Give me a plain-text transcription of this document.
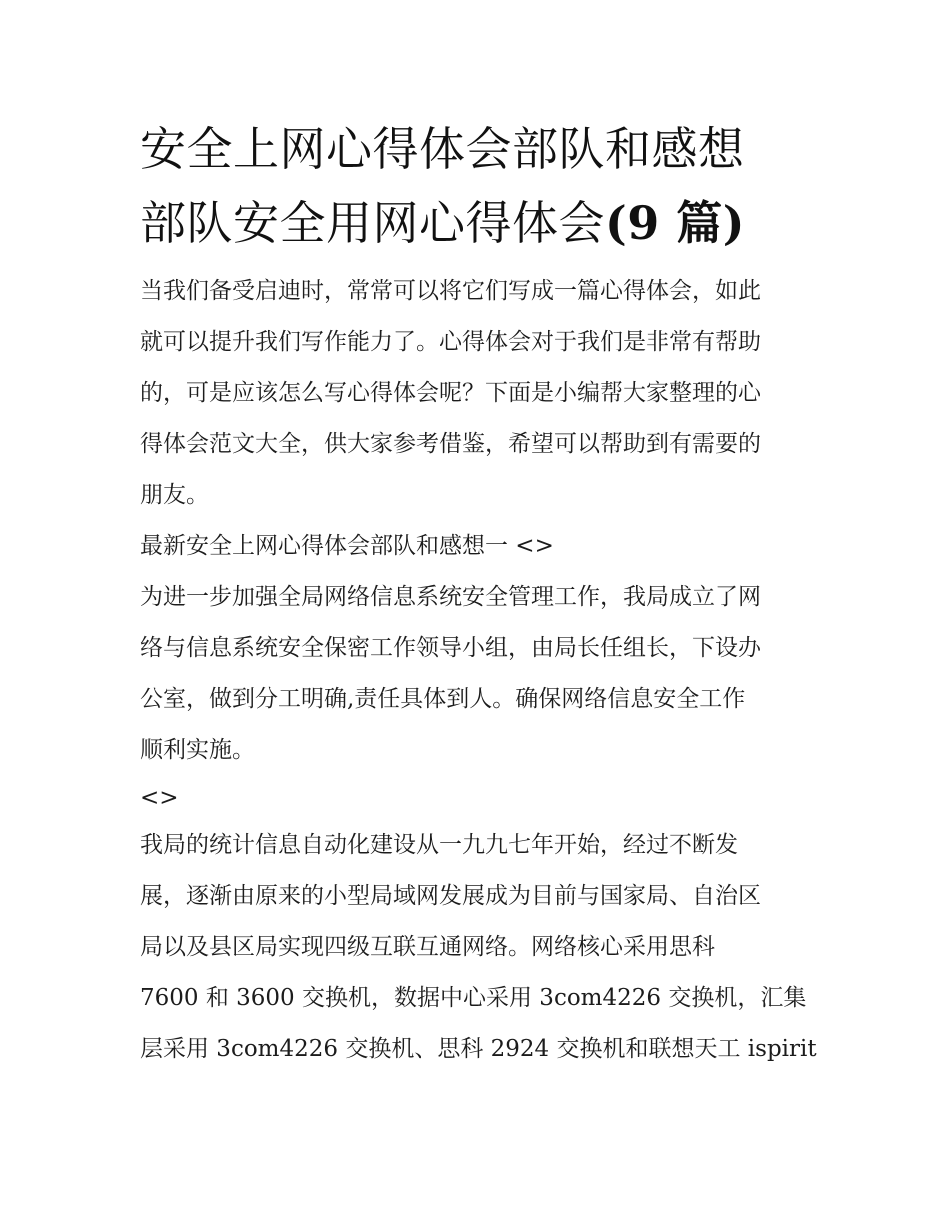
安全上网心得体会部队和感想
部队安全用网心得体会(9 篇)
当我们备受启迪时，常常可以将它们写成一篇心得体会，如此
就可以提升我们写作能力了。心得体会对于我们是非常有帮助
的，可是应该怎么写心得体会呢？下面是小编帮大家整理的心
得体会范文大全，供大家参考借鉴，希望可以帮助到有需要的
朋友。
最新安全上网心得体会部队和感想一 <>
为进一步加强全局网络信息系统安全管理工作，我局成立了网
络与信息系统安全保密工作领导小组，由局长任组长，下设办
公室，做到分工明确,责任具体到人。确保网络信息安全工作
顺利实施。
<>
我局的统计信息自动化建设从一九九七年开始，经过不断发
展，逐渐由原来的小型局域网发展成为目前与国家局、自治区
局以及县区局实现四级互联互通网络。网络核心采用思科
7600 和 3600 交换机，数据中心采用 3com4226 交换机，汇集
层采用 3com4226 交换机、思科 2924 交换机和联想天工 ispirit
